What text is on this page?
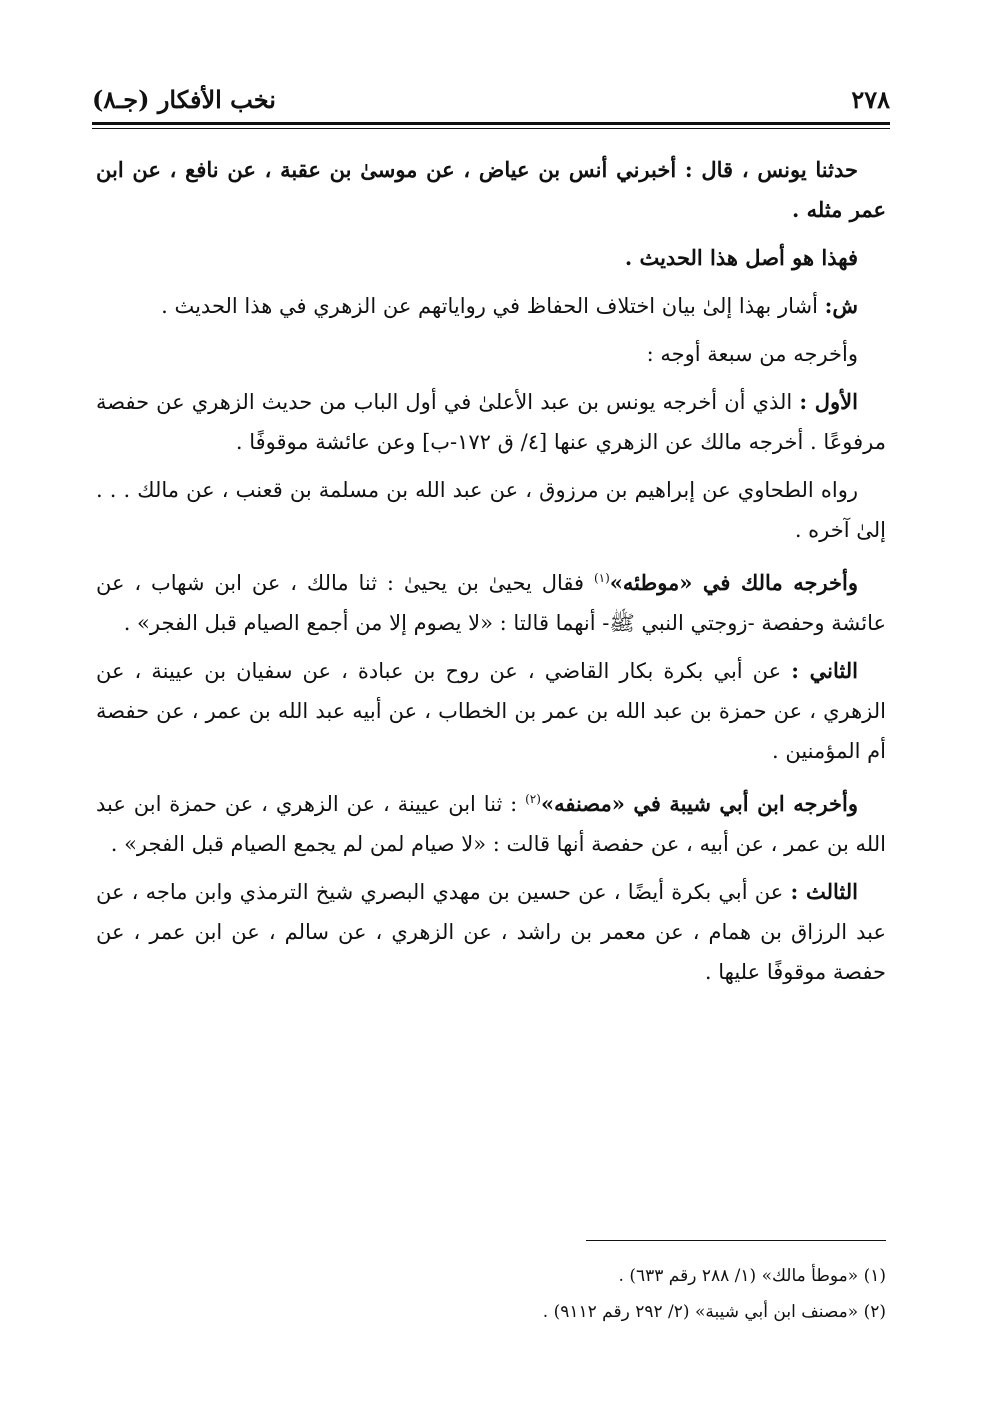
٢٧٨
نخب الأفكار (جـ٨)

حدثنا يونس ، قال : أخبرني أنس بن عياض ، عن موسىٰ بن عقبة ، عن نافع ، عن ابن عمر مثله .

فهذا هو أصل هذا الحديث .

ش: أشار بهذا إلىٰ بيان اختلاف الحفاظ في رواياتهم عن الزهري في هذا الحديث .

وأخرجه من سبعة أوجه :

الأول : الذي أن أخرجه يونس بن عبد الأعلىٰ في أول الباب من حديث الزهري عن حفصة مرفوعًا . أخرجه مالك عن الزهري عنها [٤/ ق ١٧٢-ب] وعن عائشة موقوفًا .

رواه الطحاوي عن إبراهيم بن مرزوق ، عن عبد الله بن مسلمة بن قعنب ، عن مالك . . . إلىٰ آخره .

وأخرجه مالك في «موطئه»$^{(١)}$ فقال يحيىٰ بن يحيىٰ : ثنا مالك ، عن ابن شهاب ، عن عائشة وحفصة -زوجتي النبي ﷺ- أنهما قالتا : «لا يصوم إلا من أجمع الصيام قبل الفجر» .

الثاني : عن أبي بكرة بكار القاضي ، عن روح بن عبادة ، عن سفيان بن عيينة ، عن الزهري ، عن حمزة بن عبد الله بن عمر بن الخطاب ، عن أبيه عبد الله بن عمر ، عن حفصة أم المؤمنين .

وأخرجه ابن أبي شيبة في «مصنفه»$^{(٢)}$ : ثنا ابن عيينة ، عن الزهري ، عن حمزة ابن عبد الله بن عمر ، عن أبيه ، عن حفصة أنها قالت : «لا صيام لمن لم يجمع الصيام قبل الفجر» .

الثالث : عن أبي بكرة أيضًا ، عن حسين بن مهدي البصري شيخ الترمذي وابن ماجه ، عن عبد الرزاق بن همام ، عن معمر بن راشد ، عن الزهري ، عن سالم ، عن ابن عمر ، عن حفصة موقوفًا عليها .

(١) «موطأ مالك» (١/ ٢٨٨ رقم ٦٣٣) .
(٢) «مصنف ابن أبي شيبة» (٢/ ٢٩٢ رقم ٩١١٢) .
